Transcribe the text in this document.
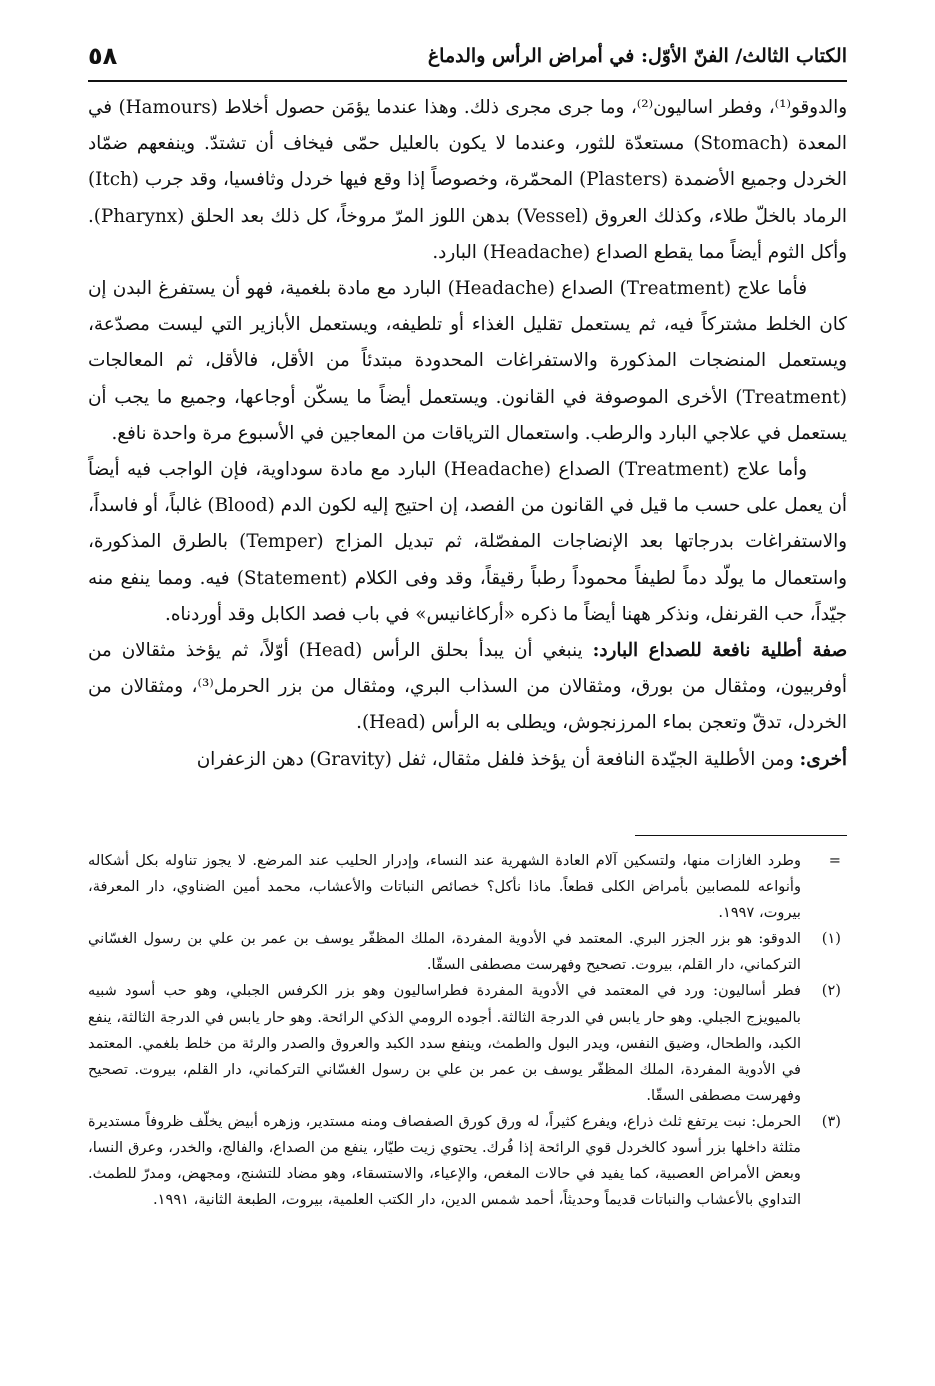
الكتاب الثالث/ الفنّ الأوّل: في أمراض الرأس والدماغ
٥٨

والدوقو⁽¹⁾، وفطر اساليون⁽²⁾، وما جرى مجرى ذلك. وهذا عندما يؤمَن حصول أخلاط (Hamours) في المعدة (Stomach) مستعدّة للثور، وعندما لا يكون بالعليل حمّى فيخاف أن تشتدّ. وينفعهم ضمّاد الخردل وجميع الأضمدة (Plasters) المحمّرة، وخصوصاً إذا وقع فيها خردل وثافسيا، وقد جرب (Itch) الرماد بالخلّ طلاء، وكذلك العروق (Vessel) بدهن اللوز المرّ مروخاً، كل ذلك بعد الحلق (Pharynx). وأكل الثوم أيضاً مما يقطع الصداع (Headache) البارد.

فأما علاج (Treatment) الصداع (Headache) البارد مع مادة بلغمية، فهو أن يستفرغ البدن إن كان الخلط مشتركاً فيه، ثم يستعمل تقليل الغذاء أو تلطيفه، ويستعمل الأبازير التي ليست مصدّعة، ويستعمل المنضجات المذكورة والاستفراغات المحدودة مبتدئاً من الأقل، فالأقل، ثم المعالجات (Treatment) الأخرى الموصوفة في القانون. ويستعمل أيضاً ما يسكّن أوجاعها، وجميع ما يجب أن يستعمل في علاجي البارد والرطب. واستعمال الترياقات من المعاجين في الأسبوع مرة واحدة نافع.

وأما علاج (Treatment) الصداع (Headache) البارد مع مادة سوداوية، فإن الواجب فيه أيضاً أن يعمل على حسب ما قيل في القانون من الفصد، إن احتيج إليه لكون الدم (Blood) غالباً، أو فاسداً، والاستفراغات بدرجاتها بعد الإنضاجات المفصّلة، ثم تبديل المزاج (Temper) بالطرق المذكورة، واستعمال ما يولّد دماً لطيفاً محموداً رطباً رقيقاً، وقد وفى الكلام (Statement) فيه. ومما ينفع منه جيّداً، حب القرنفل، ونذكر ههنا أيضاً ما ذكره «أركاغانيس» في باب فصد الكابل وقد أوردناه.

صفة أطلية نافعة للصداع البارد: ينبغي أن يبدأ بحلق الرأس (Head) أوّلاً، ثم يؤخذ مثقالان من أوفربيون، ومثقال من بورق، ومثقالان من السذاب البري، ومثقال من بزر الحرمل⁽³⁾، ومثقالان من الخردل، تدقّ وتعجن بماء المرزنجوش، ويطلى به الرأس (Head).

أخرى: ومن الأطلية الجيّدة النافعة أن يؤخذ فلفل مثقال، ثفل (Gravity) دهن الزعفران

=

وطرد الغازات منها، ولتسكين آلام العادة الشهرية عند النساء، وإدرار الحليب عند المرضع. لا يجوز تناوله بكل أشكاله وأنواعه للمصابين بأمراض الكلى قطعاً. ماذا نأكل؟ خصائص النباتات والأعشاب، محمد أمين الضناوي، دار المعرفة، بيروت، ١٩٩٧.

(١)

الدوقو: هو بزر الجزر البري. المعتمد في الأدوية المفردة، الملك المظفّر يوسف بن عمر بن علي بن رسول الغسّاني التركماني، دار القلم، بيروت. تصحيح وفهرست مصطفى السقّا.

(٢)

فطر أساليون: ورد في المعتمد في الأدوية المفردة فطراساليون وهو بزر الكرفس الجبلي، وهو حب أسود شبيه بالميويزج الجبلي. وهو حار يابس في الدرجة الثالثة. أجوده الرومي الذكي الرائحة. وهو حار يابس في الدرجة الثالثة، ينفع الكبد، والطحال، وضيق النفس، ويدر البول والطمث، وينفع سدد الكبد والعروق والصدر والرئة من خلط بلغمي. المعتمد في الأدوية المفردة، الملك المظفّر يوسف بن عمر بن علي بن رسول الغسّاني التركماني، دار القلم، بيروت. تصحيح وفهرست مصطفى السقّا.

(٣)

الحرمل: نبت يرتفع ثلث ذراع، ويفرع كثيراً، له ورق كورق الصفصاف ومنه مستدير، وزهره أبيض يخلّف ظروفاً مستديرة مثلثة داخلها بزر أسود كالخردل قوي الرائحة إذا فُرك. يحتوي زيت طيّار، ينفع من الصداع، والفالج، والخدر، وعرق النسا، وبعض الأمراض العصبية، كما يفيد في حالات المغص، والإعياء، والاستسقاء، وهو مضاد للتشنج، ومجهض، ومدرّ للطمث. التداوي بالأعشاب والنباتات قديماً وحديثاً، أحمد شمس الدين، دار الكتب العلمية، بيروت، الطبعة الثانية، ١٩٩١.
